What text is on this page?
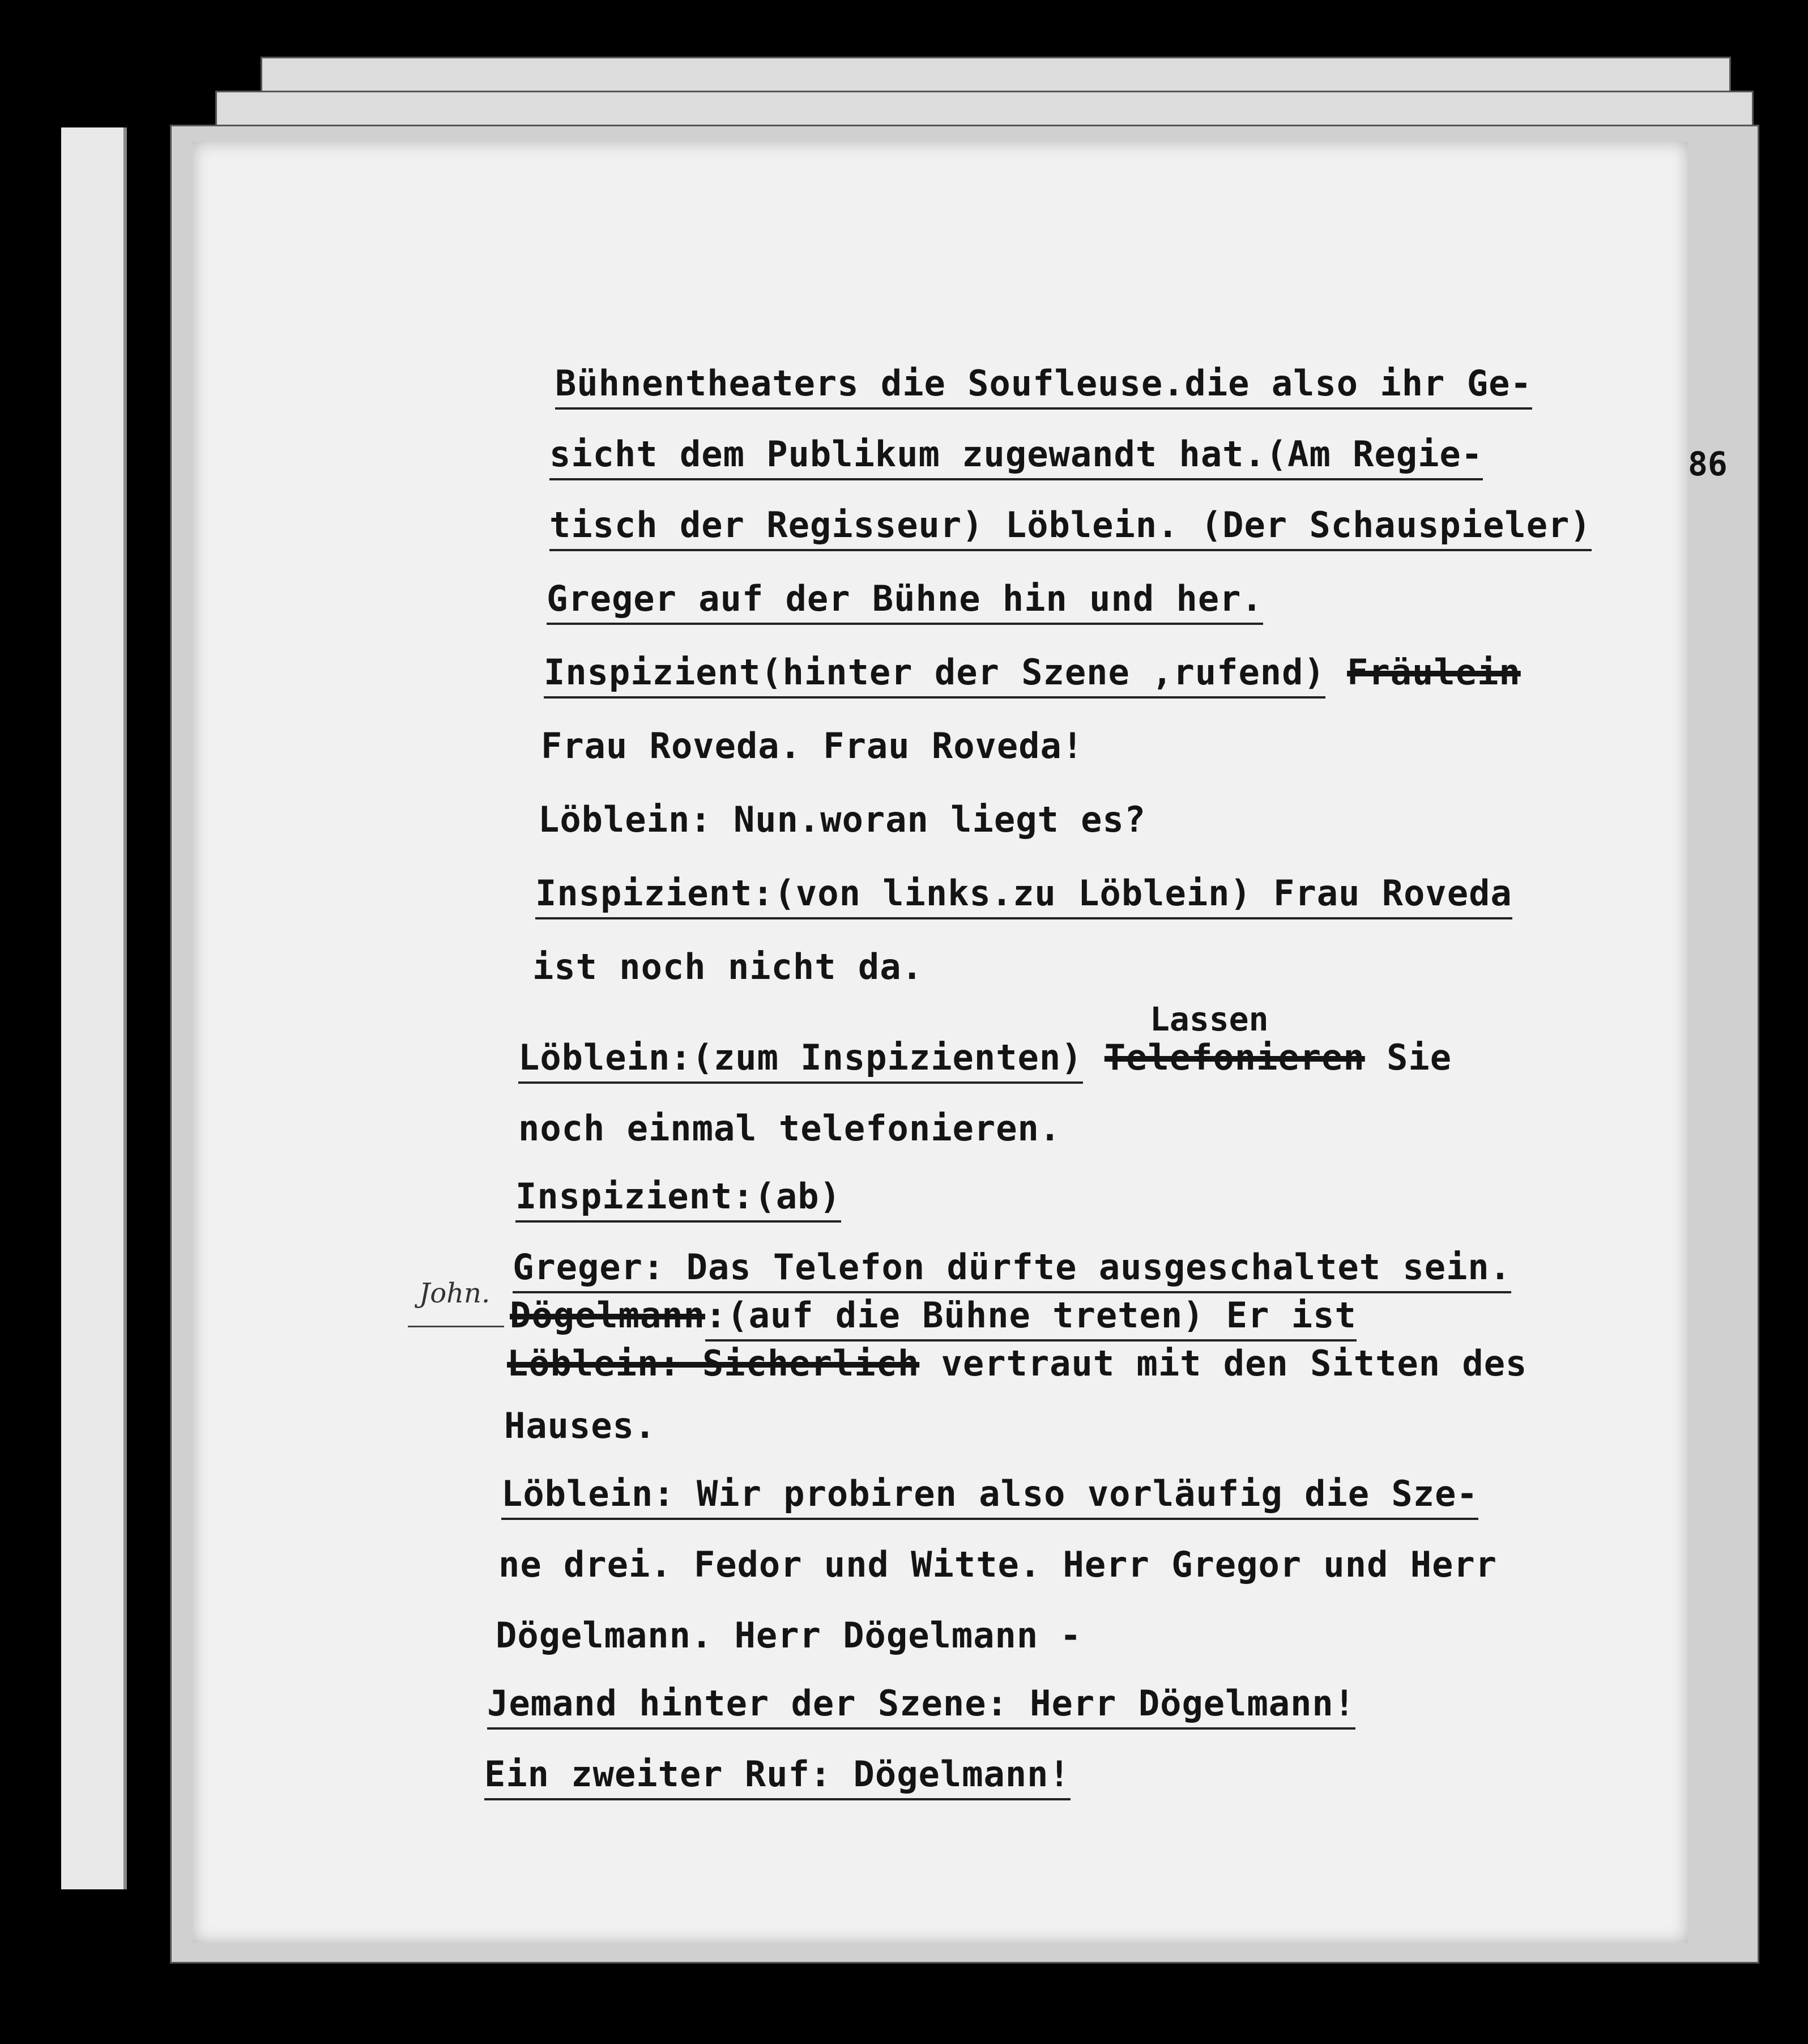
86
Bühnentheaters die Soufleuse.die also ihr Ge-
sicht dem Publikum zugewandt hat.(Am Regie-
tisch der Regisseur) Löblein. (Der Schauspieler)
Greger auf der Bühne hin und her.
Inspizient(hinter der Szene ,rufend) Fräulein
Frau Roveda. Frau Roveda!
Löblein: Nun.woran liegt es?
Inspizient:(von links.zu Löblein) Frau Roveda
ist noch nicht da.
Lassen
Löblein:(zum Inspizienten) Telefonieren Sie
noch einmal telefonieren.
Inspizient:(ab)
Greger: Das Telefon dürfte ausgeschaltet sein.
Dögelmann:(auf die Bühne treten) Er ist
Löblein: Sicherlich vertraut mit den Sitten des
Hauses.
Löblein: Wir probiren also vorläufig die Sze-
ne drei. Fedor und Witte. Herr Gregor und Herr
Dögelmann. Herr Dögelmann -
Jemand hinter der Szene: Herr Dögelmann!
Ein zweiter Ruf: Dögelmann!
John.
